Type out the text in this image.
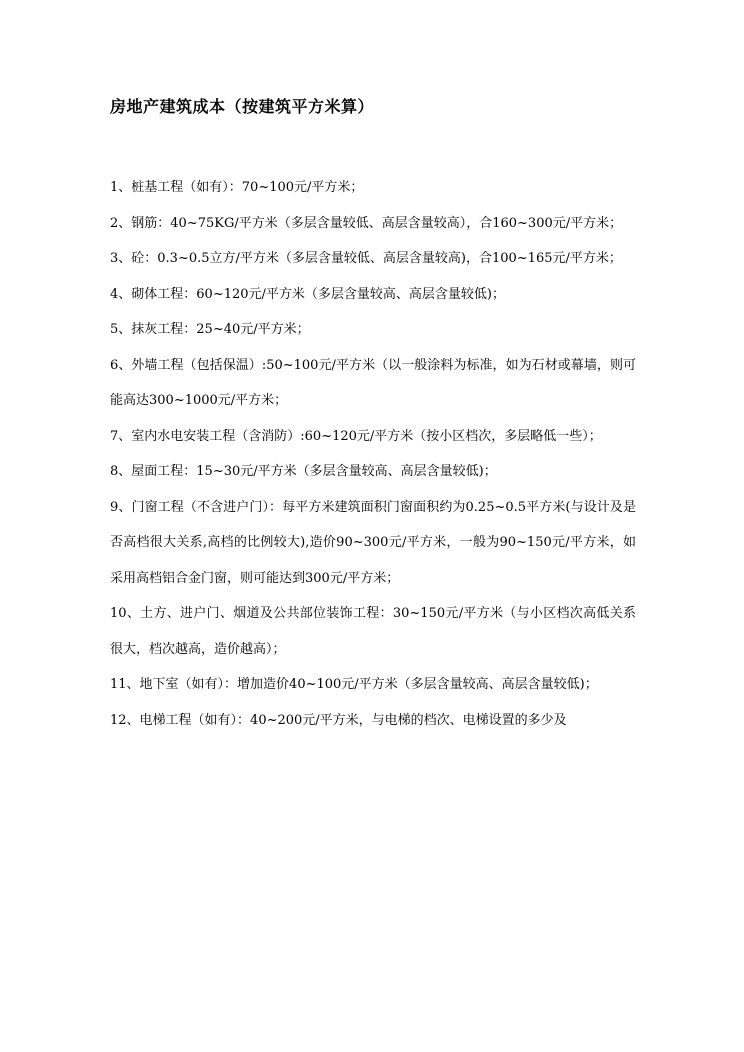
房地产建筑成本（按建筑平方米算）

1、桩基工程（如有）：70~100元/平方米；

2、钢筋：40~75KG/平方米（多层含量较低、高层含量较高），合160~300元/平方米；

3、砼：0.3~0.5立方/平方米（多层含量较低、高层含量较高)，合100~165元/平方米；

4、砌体工程：60~120元/平方米（多层含量较高、高层含量较低)；

5、抹灰工程：25~40元/平方米；

6、外墙工程（包括保温）:50~100元/平方米（以一般涂料为标准，如为石材或幕墙，则可能高达300~1000元/平方米；

7、室内水电安装工程（含消防）:60~120元/平方米（按小区档次，多层略低一些）；

8、屋面工程：15~30元/平方米（多层含量较高、高层含量较低)；

9、门窗工程（不含进户门）：每平方米建筑面积门窗面积约为0.25~0.5平方米(与设计及是否高档很大关系,高档的比例较大),造价90~300元/平方米，一般为90~150元/平方米，如采用高档铝合金门窗，则可能达到300元/平方米；

10、土方、进户门、烟道及公共部位装饰工程：30~150元/平方米（与小区档次高低关系很大，档次越高，造价越高）；

11、地下室（如有）：增加造价40~100元/平方米（多层含量较高、高层含量较低)；

12、电梯工程（如有）：40~200元/平方米，与电梯的档次、电梯设置的多少及
